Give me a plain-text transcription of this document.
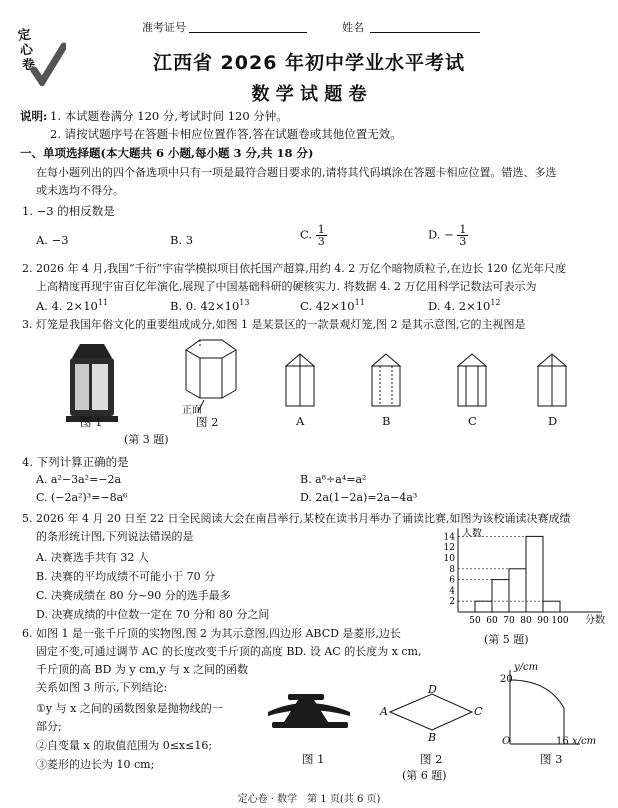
定心卷
准考证号	姓名
江西省 2026 年初中学业水平考试
数 学 试 题 卷
说明: 1. 本试题卷满分 120 分,考试时间 120 分钟。
2. 请按试题序号在答题卡相应位置作答,答在试题卷或其他位置无效。
一、单项选择题(本大题共 6 小题,每小题 3 分,共 18 分)
在每小题列出的四个备选项中只有一项是最符合题目要求的,请将其代码填涂在答题卡相应位置。错选、多选
或未选均不得分。
1. −3 的相反数是
A. −3	B. 3	C. $\frac{1}{3}$	D. − $\frac{1}{3}$
2. 2026 年 4 月,我国“千衍”宇宙学模拟项目依托国产超算,用约 4. 2 万亿个暗物质粒子,在边长 120 亿光年尺度
上高精度再现宇宙百亿年演化,展现了中国基础科研的硬核实力. 将数据 4. 2 万亿用科学记数法可表示为
A. 4. $2\times 10^{11}$	B. 0. $42\times 10^{13}$	C. $42\times 10^{11}$	D. 4. $2\times 10^{12}$
3. 灯笼是我国年俗文化的重要组成成分,如图 1 是某景区的一款景观灯笼,图 2 是其示意图,它的主视图是
正面
图 1	图 2	A	B	C	D
(第 3 题)
4. 下列计算正确的是
A. a²−3a²=−2a	B. a⁸÷a⁴=a²
C. (−2a²)³=−8a⁶	D. 2a(1−2a)=2a−4a³
5. 2026 年 4 月 20 日至 22 日全民阅读大会在南昌举行,某校在读书月举办了诵读比赛,如图为该校诵读决赛成绩
的条形统计图,下列说法错误的是
A. 决赛选手共有 32 人
B. 决赛的平均成绩不可能小于 70 分
C. 决赛成绩在 80 分~90 分的选手最多
D. 决赛成绩的中位数一定在 70 分和 80 分之间
2
4
6
8
10
12
14
50 60 70 80 90 100
人数
分数
(第 5 题)
6. 如图 1 是一张千斤顶的实物图,图 2 为其示意图,四边形 ABCD 是菱形,边长
固定不变,可通过调节 AC 的长度改变千斤顶的高度 BD. 设 AC 的长度为 x cm,
千斤顶的高 BD 为 y cm,y 与 x 之间的函数
关系如图 3 所示,下列结论:
①y 与 x 之间的函数图象是抛物线的一
部分;
②自变量 x 的取值范围为 0≤x≤16;
③菱形的边长为 10 cm;
A
D
C
B
y/cm
20
O	16 x/cm
图 1	图 2	图 3
(第 6 题)
定心卷 · 数学　第 1 页(共 6 页)
